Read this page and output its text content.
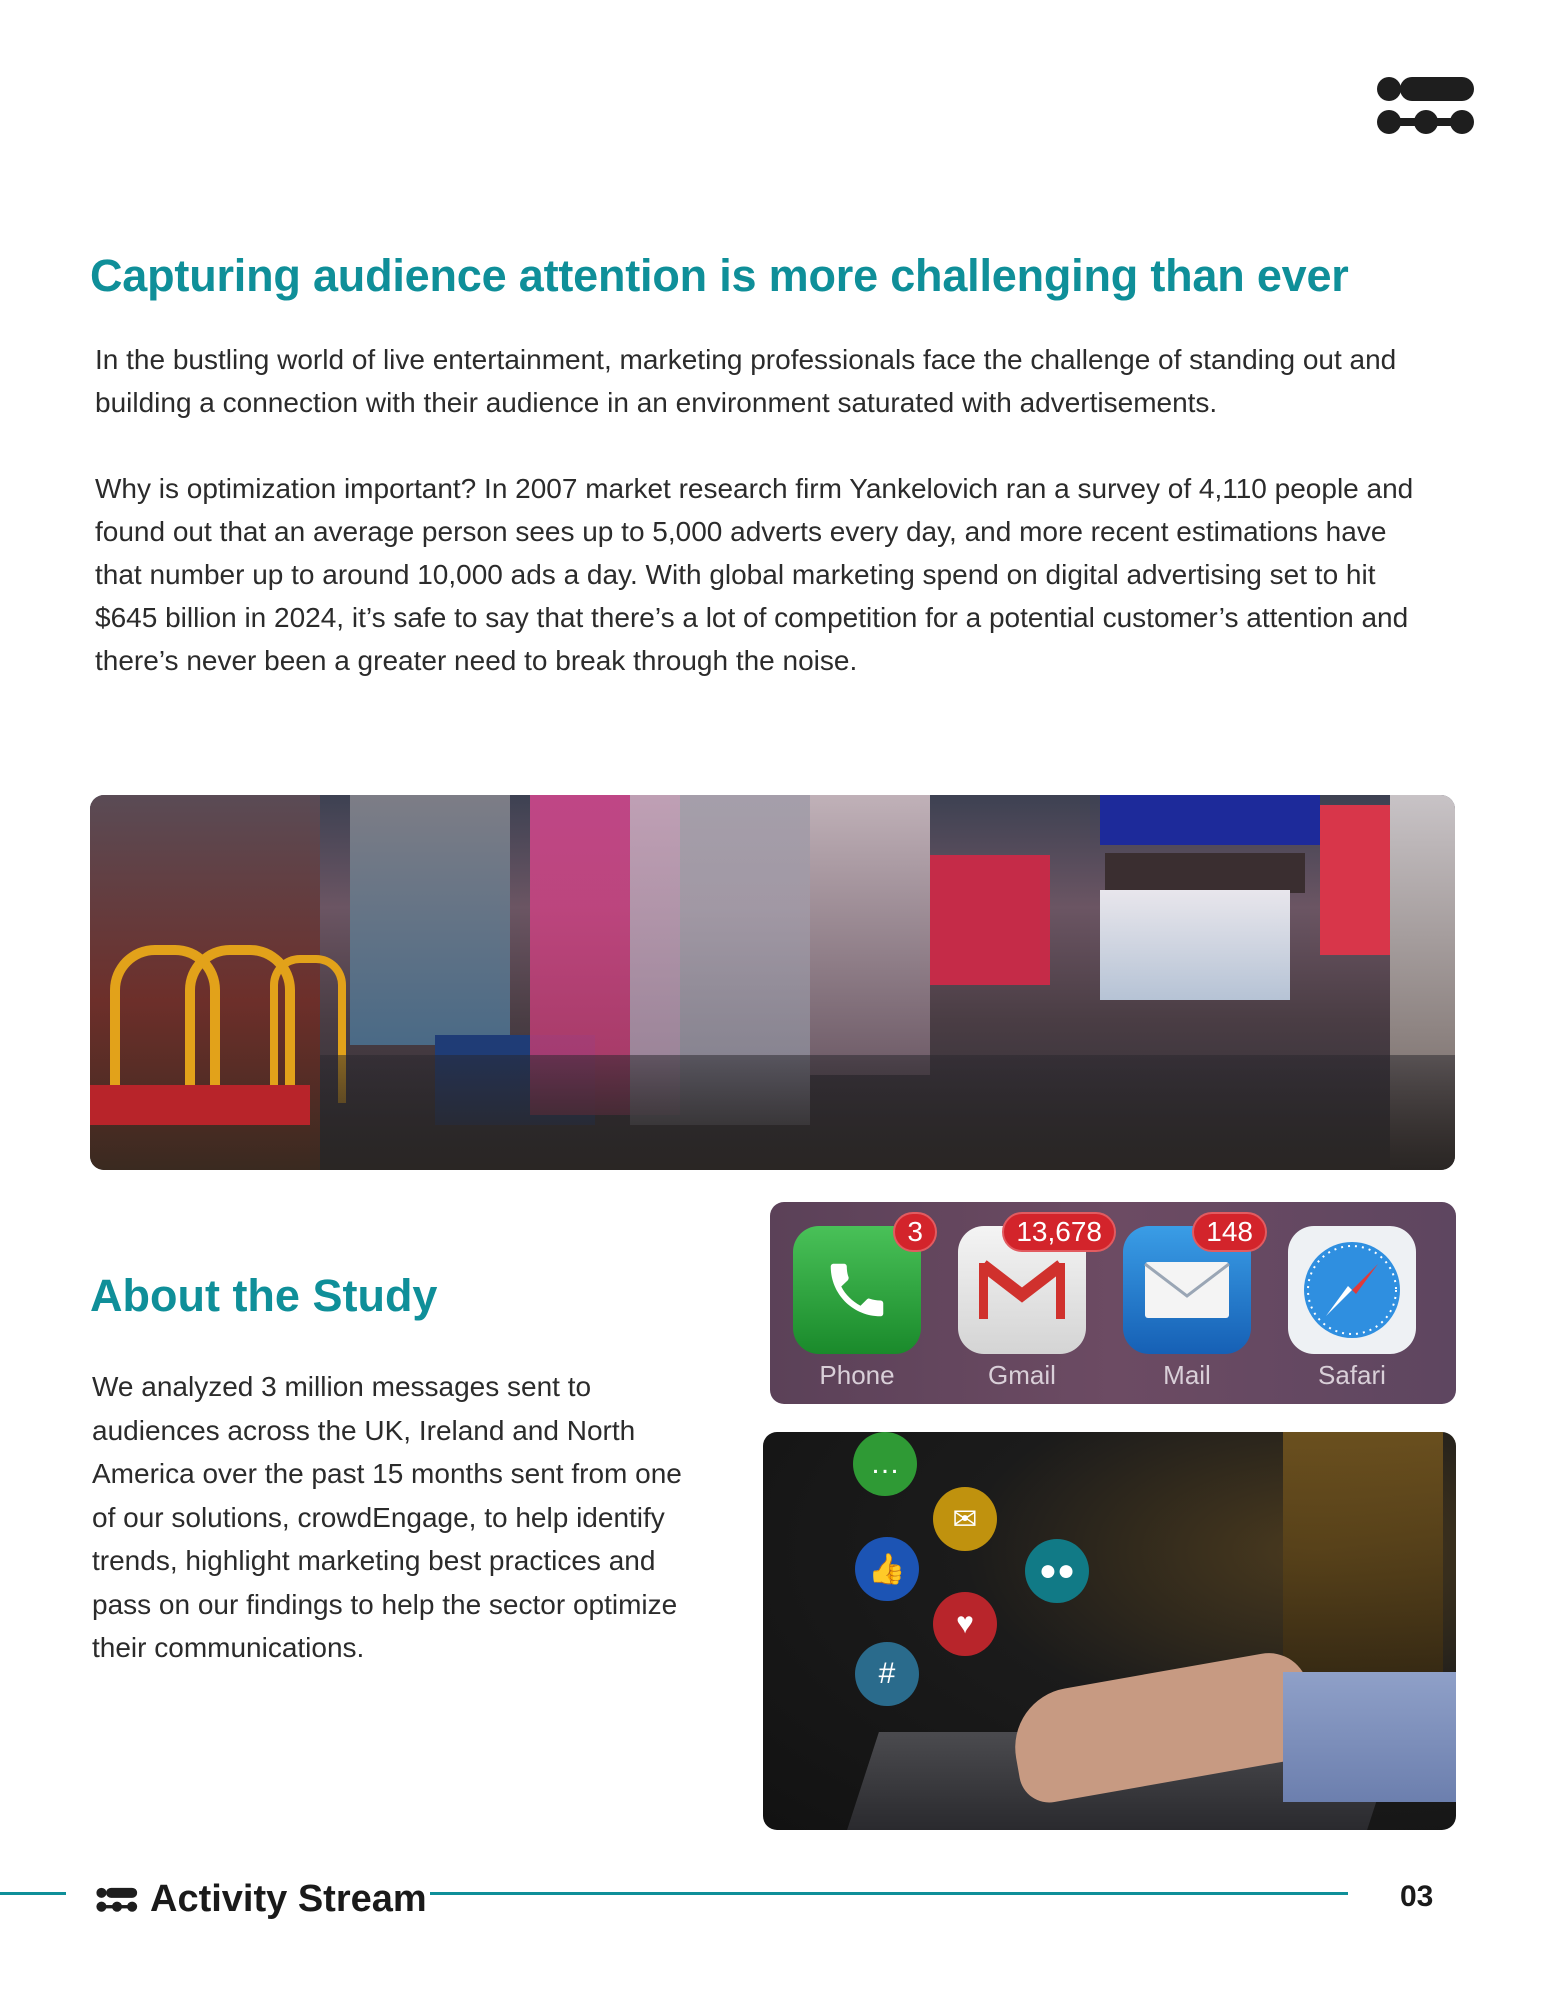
Capturing audience attention is more challenging than ever

In the bustling world of live entertainment, marketing professionals face the challenge of standing out and building a connection with their audience in an environment saturated with advertisements.

Why is optimization important? In 2007 market research firm Yankelovich ran a survey of 4,110 people and found out that an average person sees up to 5,000 adverts every day, and more recent estimations have that number up to around 10,000 ads a day. With global marketing spend on digital advertising set to hit $645 billion in 2024, it’s safe to say that there’s a lot of competition for a potential customer’s attention and there’s never been a greater need to break through the noise.

About the Study
We analyzed 3 million messages sent to audiences across the UK, Ireland and North America over the past 15 months sent from one of our solutions, crowdEngage, to help identify trends, highlight marketing best practices and pass on our findings to help the sector optimize their communications.
3
Phone
13,678
Gmail
148
Mail	Safari
…
✉
👍	●●
♥
#
Activity Stream	03
